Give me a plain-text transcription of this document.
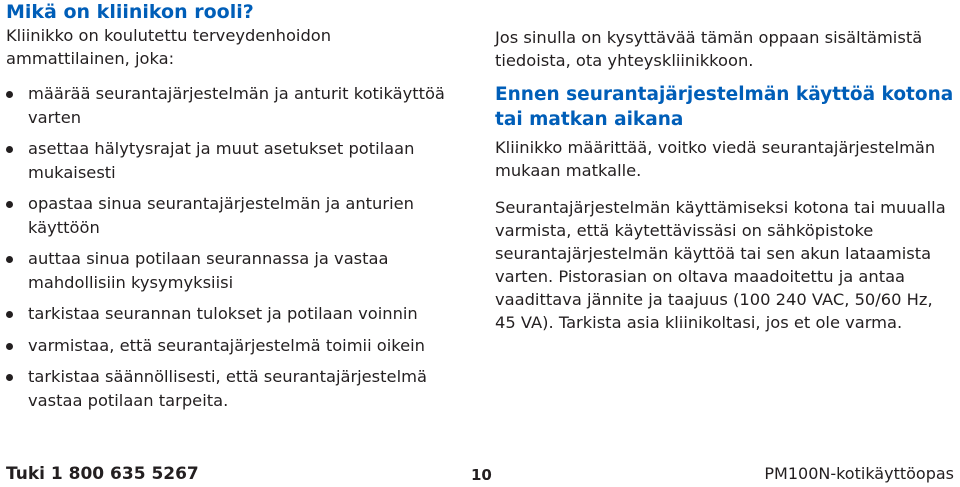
Mikä on kliinikon rooli?

Kliinikko on koulutettu terveydenhoidon ammattilainen, joka:

määrää seurantajärjestelmän ja anturit kotikäyttöä varten
asettaa hälytysrajat ja muut asetukset potilaan mukaisesti
opastaa sinua seurantajärjestelmän ja anturien käyttöön
auttaa sinua potilaan seurannassa ja vastaa mahdollisiin kysymyksiisi
tarkistaa seurannan tulokset ja potilaan voinnin
varmistaa, että seurantajärjestelmä toimii oikein
tarkistaa säännöllisesti, että seurantajärjestelmä vastaa potilaan tarpeita.

Jos sinulla on kysyttävää tämän oppaan sisältämistä tiedoista, ota yhteyskliinikkoon.

Ennen seurantajärjestelmän käyttöä kotona tai matkan aikana

Kliinikko määrittää, voitko viedä seurantajärjestelmän mukaan matkalle.

Seurantajärjestelmän käyttämiseksi kotona tai muualla varmista, että käytettävissäsi on sähköpistoke seurantajärjestelmän käyttöä tai sen akun lataamista varten. Pistorasian on oltava maadoitettu ja antaa vaadittava jännite ja taajuus (100 240 VAC, 50/60 Hz, 45 VA). Tarkista asia kliinikoltasi, jos et ole varma.

Tuki 1 800 635 5267	10	PM100N-kotikäyttöopas
